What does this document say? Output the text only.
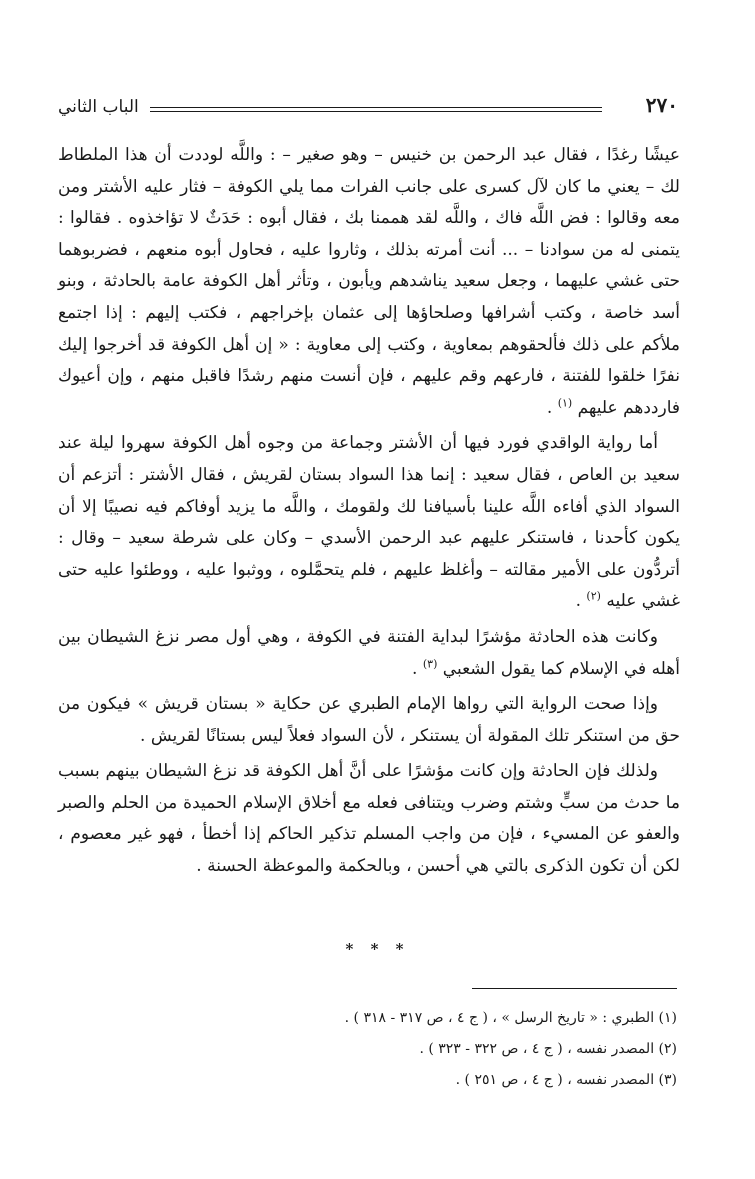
الباب الثاني	٢٧٠

عيشًا رغدًا ، فقال عبد الرحمن بن خنيس – وهو صغير – : واللَّه لوددت أن هذا الملطاط لك – يعني ما كان لآل كسرى على جانب الفرات مما يلي الكوفة – فثار عليه الأشتر ومن معه وقالوا : فض اللَّه فاك ، واللَّه لقد هممنا بك ، فقال أبوه : حَدَثٌ لا تؤاخذوه . فقالوا : يتمنى له من سوادنا – ... أنت أمرته بذلك ، وثاروا عليه ، فحاول أبوه منعهم ، فضربوهما حتى غشي عليهما ، وجعل سعيد يناشدهم ويأبون ، وتأثر أهل الكوفة عامة بالحادثة ، وبنو أسد خاصة ، وكتب أشرافها وصلحاؤها إلى عثمان بإخراجهم ، فكتب إليهم : إذا اجتمع ملأكم على ذلك فألحقوهم بمعاوية ، وكتب إلى معاوية : « إن أهل الكوفة قد أخرجوا إليك نفرًا خلقوا للفتنة ، فارعهم وقم عليهم ، فإن أنست منهم رشدًا فاقبل منهم ، وإن أعيوك فارددهم عليهم $^{(١)}$ .

أما رواية الواقدي فورد فيها أن الأشتر وجماعة من وجوه أهل الكوفة سهروا ليلة عند سعيد بن العاص ، فقال سعيد : إنما هذا السواد بستان لقريش ، فقال الأشتر : أتزعم أن السواد الذي أفاءه اللَّه علينا بأسيافنا لك ولقومك ، واللَّه ما يزيد أوفاكم فيه نصيبًا إلا أن يكون كأحدنا ، فاستنكر عليهم عبد الرحمن الأسدي – وكان على شرطة سعيد – وقال : أتردُّون على الأمير مقالته – وأغلظ عليهم ، فلم يتحمَّلوه ، ووثبوا عليه ، ووطئوا عليه حتى غشي عليه $^{(٢)}$ .

وكانت هذه الحادثة مؤشرًا لبداية الفتنة في الكوفة ، وهي أول مصر نزغ الشيطان بين أهله في الإسلام كما يقول الشعبي $^{(٣)}$ .

وإذا صحت الرواية التي رواها الإمام الطبري عن حكاية « بستان قريش » فيكون من حق من استنكر تلك المقولة أن يستنكر ، لأن السواد فعلاً ليس بستانًا لقريش .

ولذلك فإن الحادثة وإن كانت مؤشرًا على أنَّ أهل الكوفة قد نزغ الشيطان بينهم بسبب ما حدث من سبٍّ وشتم وضرب ويتنافى فعله مع أخلاق الإسلام الحميدة من الحلم والصبر والعفو عن المسيء ، فإن من واجب المسلم تذكير الحاكم إذا أخطأ ، فهو غير معصوم ، لكن أن تكون الذكرى بالتي هي أحسن ، وبالحكمة والموعظة الحسنة .

* * *

(١) الطبري : « تاريخ الرسل » ، ( ج ٤ ، ص ٣١٧ - ٣١٨ ) .

(٢) المصدر نفسه ، ( ج ٤ ، ص ٣٢٢ - ٣٢٣ ) .

(٣) المصدر نفسه ، ( ج ٤ ، ص ٢٥١ ) .
